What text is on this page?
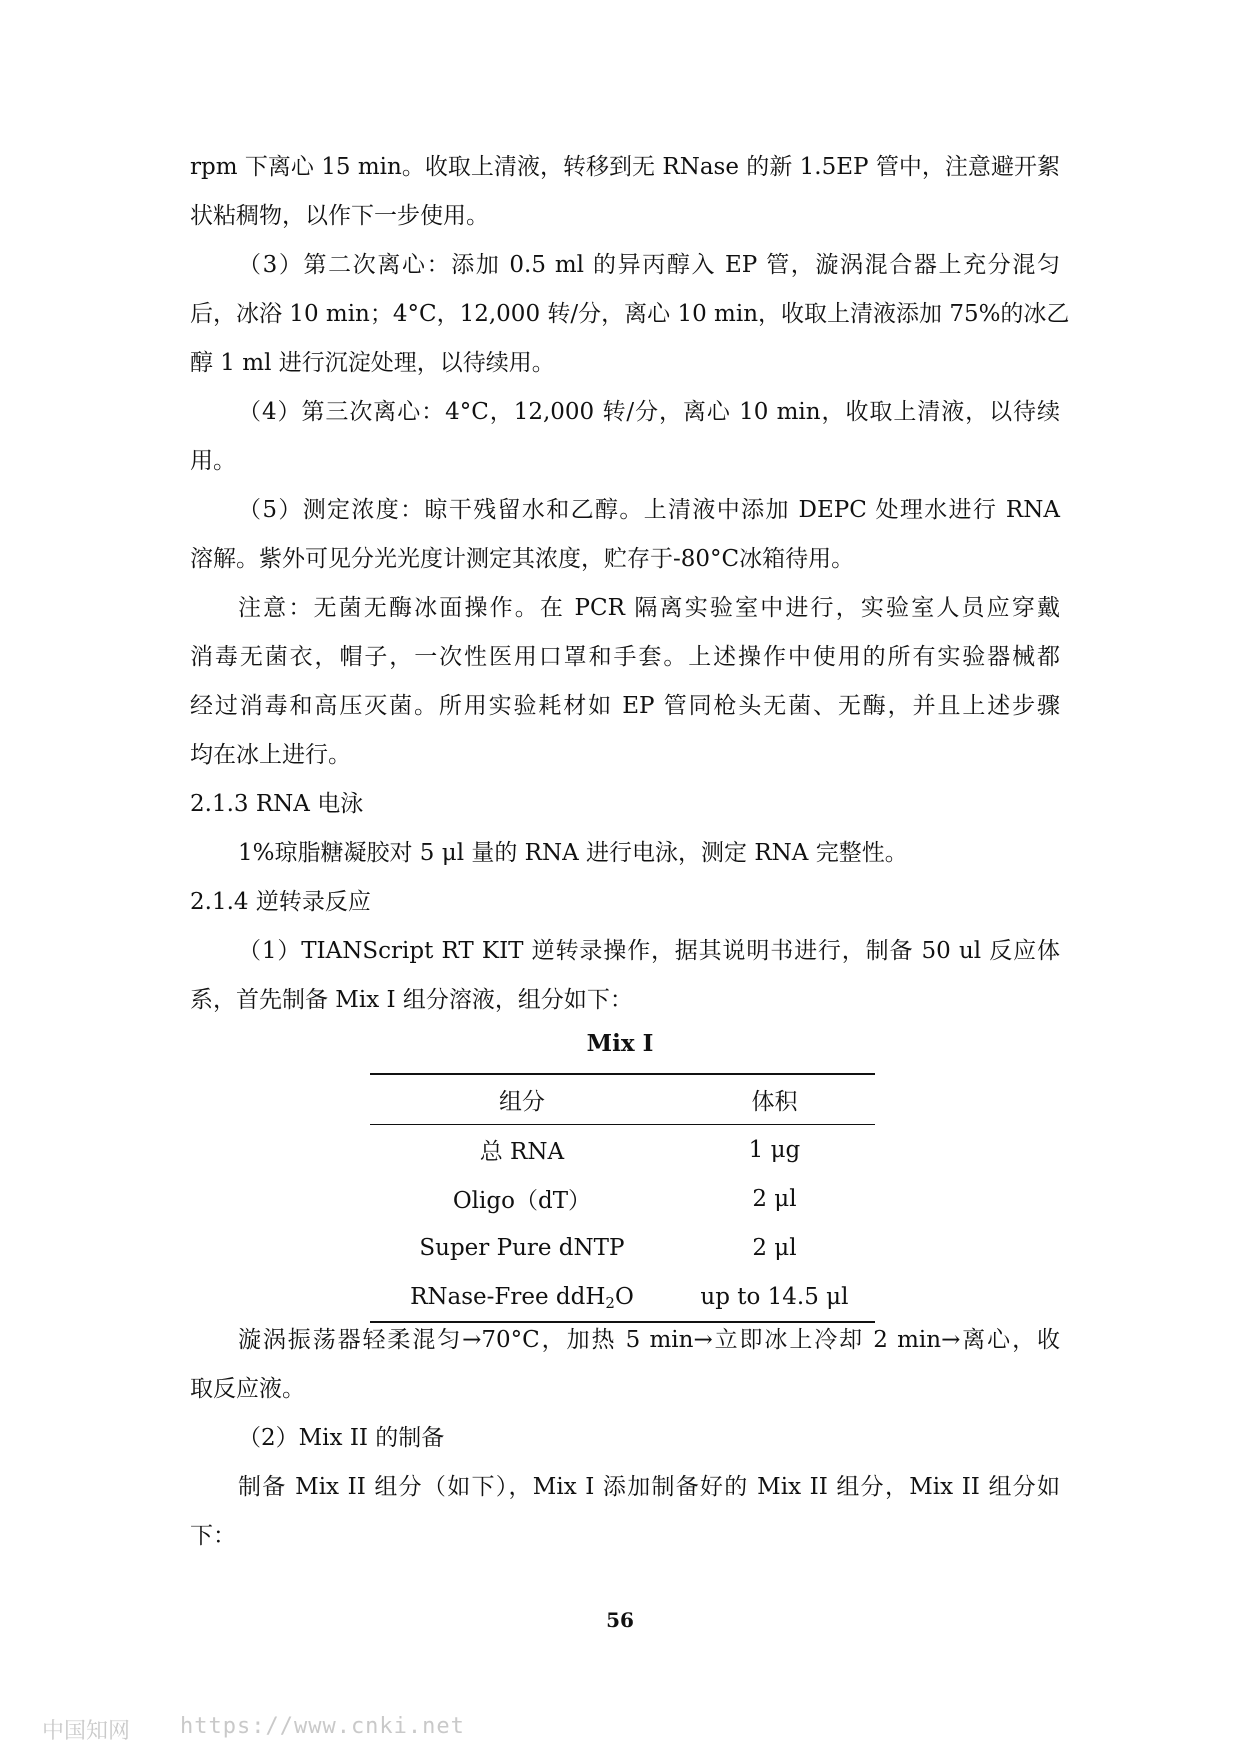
rpm 下离心 15 min。收取上清液，转移到无 RNase 的新 1.5EP 管中，注意避开絮
状粘稠物，以作下一步使用。
（3）第二次离心：添加 0.5 ml 的异丙醇入 EP 管，漩涡混合器上充分混匀
后，冰浴 10 min；4°C，12,000 转/分，离心 10 min，收取上清液添加 75%的冰乙
醇 1 ml 进行沉淀处理，以待续用。
（4）第三次离心：4°C，12,000 转/分，离心 10 min，收取上清液，以待续
用。
（5）测定浓度：晾干残留水和乙醇。上清液中添加 DEPC 处理水进行 RNA
溶解。紫外可见分光光度计测定其浓度，贮存于-80°C冰箱待用。
注意：无菌无酶冰面操作。在 PCR 隔离实验室中进行，实验室人员应穿戴
消毒无菌衣，帽子，一次性医用口罩和手套。上述操作中使用的所有实验器械都
经过消毒和高压灭菌。所用实验耗材如 EP 管同枪头无菌、无酶，并且上述步骤
均在冰上进行。
2.1.3 RNA 电泳
1%琼脂糖凝胶对 5 μl 量的 RNA 进行电泳，测定 RNA 完整性。
2.1.4 逆转录反应
（1）TIANScript RT KIT 逆转录操作，据其说明书进行，制备 50 ul 反应体
系，首先制备 Mix I 组分溶液，组分如下：
Mix I
组分	体积
总 RNA	1 μg
Oligo（dT）	2 μl
Super Pure dNTP	2 μl
RNase-Free ddH$_2$O	up to 14.5 μl
漩涡振荡器轻柔混匀→70°C，加热 5 min→立即冰上冷却 2 min→离心，收
取反应液。
（2）Mix II 的制备
制备 Mix II 组分（如下），Mix I 添加制备好的 Mix II 组分，Mix II 组分如
下：
56
中国知网 https://www.cnki.net
